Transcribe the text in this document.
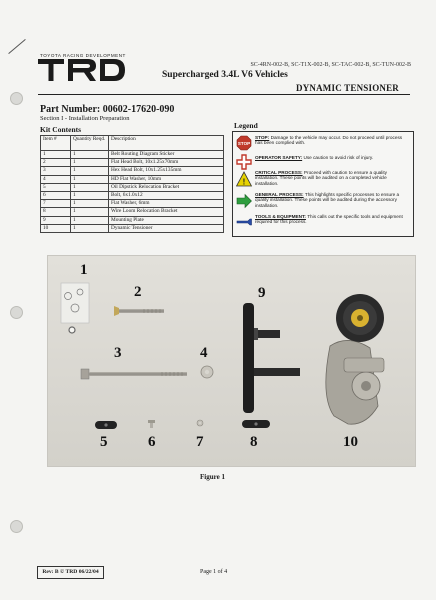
TOYOTA RACING DEVELOPMENT
SC-4RN-002-B, SC-T1X-002-B, SC-TAC-002-B, SC-TUN-002-B
Supercharged 3.4L V6 Vehicles
DYNAMIC TENSIONER
Part Number: 00602-17620-090
Section I - Installation Preparation
Kit Contents
Item #	Quantity Reqd.	Description
1	1	Belt Routing Diagram Sticker
2	1	Flat Head Bolt, 10x1.25x70mm
3	1	Hex Head Bolt, 10x1.25x135mm
4	1	HD Flat Washer, 10mm
5	1	Oil Dipstick Relocation Bracket
6	1	Bolt, 6x1.0x12
7	1	Flat Washer, 6mm
8	1	Wire Loom Relocation Bracket
9	1	Mounting Plate
10	1	Dynamic Tensioner
Legend
STOP
STOP: Damage to the vehicle may occur. Do not proceed until process has been complied with.
OPERATOR SAFETY: Use caution to avoid risk of injury.
!
CRITICAL PROCESS: Proceed with caution to ensure a quality installation. These points will be audited on a completed vehicle installation.
GENERAL PROCESS: This highlights specific processes to ensure a quality installation. These points will be audited during the accessory installation.
TOOLS & EQUIPMENT: This calls out the specific tools and equipment required for this process.
1
2
3	4
5	6	7	8
9
10
Figure 1
Rev: B © TRD 06/22/04	Page 1 of 4
